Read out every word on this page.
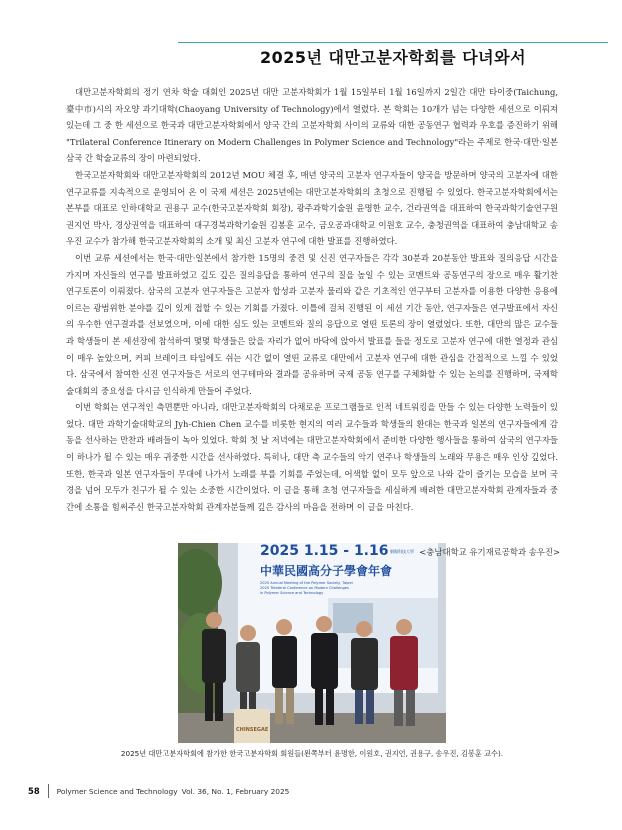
2025년 대만고분자학회를 다녀와서

대만고분자학회의 정기 연차 학술 대회인 2025년 대만 고분자학회가 1월 15일부터 1월 16일까지 2일간 대만 타이중(Taichung, 臺中市)시의 자오양 과기대학(Chaoyang University of Technology)에서 열렸다. 본 학회는 10개가 넘는 다양한 세션으로 이뤄져 있는데 그 중 한 세션으로 한국과 대만고분자학회에서 양국 간의 고분자학회 사이의 교류와 대한 공동연구 협력과 우호를 증진하기 위해 "Trilateral Conference Itinerary on Modern Challenges in Polymer Science and Technology"라는 주제로 한국·대만·일본 삼국 간 학술교류의 장이 마련되었다.

한국고분자학회와 대만고분자학회의 2012년 MOU 체결 후, 매년 양국의 고분자 연구자들이 양국을 방문하며 양국의 고분자에 대한 연구교류를 지속적으로 운영되어 온 이 국제 세션은 2025년에는 대만고분자학회의 초청으로 진행될 수 있었다. 한국고분자학회에서는 본부를 대표로 인하대학교 권용구 교수(한국고분자학회 회장), 광주과학기술원 윤명한 교수, 건라권역을 대표하여 한국과학기술연구원 권지언 박사, 경상권역을 대표하여 대구경북과학기술원 김봉훈 교수, 금오공과대학교 이원호 교수, 충청권역을 대표하여 충남대학교 송우진 교수가 참가해 한국고분자학회의 소개 및 최신 고분자 연구에 대한 발표를 진행하였다.

이번 교류 세션에서는 한국·대만·일본에서 참가한 15명의 중견 및 신진 연구자들은 각각 30분과 20분동안 발표와 질의응답 시간을 가지며 자신들의 연구를 발표하였고 깊도 깊은 질의응답을 통하여 연구의 질을 높일 수 있는 코멘트와 공동연구의 장으로 매우 활기찬 연구토론이 이뤄졌다. 삼국의 고분자 연구자들은 고분자 합성과 고분자 물리와 같은 기초적인 연구부터 고분자를 이용한 다양한 응용에 이르는 광범위한 분야를 깊이 있게 접할 수 있는 기회를 가졌다. 이틀에 걸쳐 진행된 이 세션 기간 동안, 연구자들은 연구발표에서 자신의 우수한 연구결과를 선보였으며, 이에 대한 심도 있는 코멘트와 질의 응답으로 열띤 토론의 장이 열렸었다. 또한, 대만의 많은 교수들과 학생들이 본 세션장에 참석하여 몇몇 학생들은 앉을 자리가 없어 바닥에 앉아서 발표를 들을 정도로 고분자 연구에 대한 열정과 관심이 매우 높았으며, 커피 브레이크 타임에도 쉬는 시간 없이 열띤 교류로 대만에서 고분자 연구에 대한 관심을 간접적으로 느낄 수 있었다. 삼국에서 참여한 신진 연구자들은 서로의 연구테마와 결과를 공유하며 국제 공동 연구를 구체화할 수 있는 논의를 진행하며, 국제학술대회의 중요성을 다시금 인식하게 만들어 주었다.

이번 학회는 연구적인 측면뿐만 아니라, 대만고분자학회의 다채로운 프로그램들로 인적 네트워킹을 만들 수 있는 다양한 노력들이 있었다. 대만 과학기술대학교의 Jyh-Chien Chen 교수를 비롯한 현지의 여러 교수들과 학생들의 환대는 한국과 일본의 연구자들에게 감동을 선사하는 만찬과 배려들이 녹아 있었다. 학회 첫 날 저녁에는 대만고분자학회에서 준비한 다양한 행사들을 통하여 삼국의 연구자들이 하나가 될 수 있는 매우 귀중한 시간을 선사하였다. 특히나, 대만 측 교수들의 악기 연주나 학생들의 노래와 무용은 매우 인상 깊었다. 또한, 한국과 일본 연구자들이 무대에 나가서 노래를 부를 기회를 주었는데, 어색할 없이 모두 앞으로 나와 같이 즐기는 모습을 보며 국경을 넘어 모두가 친구가 될 수 있는 소중한 시간이었다. 이 글을 통해 초청 연구자들을 세심하게 배려한 대만고분자학회 관계자들과 중간에 소통을 힘써주신 한국고분자학회 관계자분들께 깊은 감사의 마음을 전하며 이 글을 마친다.

2025 1.15 - 1.16 朝陽科技大學
中華民國高分子學會年會
2025 Annual Meeting of the Polymer Society, Taipei
2025 Trilateral Conference on Modern Challenges
in Polymer Science and Technology
CHINSEGAE
<충남대학교 유기재료공학과 송우진>
2025년 대만고분자학회에 참가한 한국고분자학회 회원들(왼쪽부터 윤명한, 이원호, 권지언, 권용구, 송우진, 김봉훈 교수).
58 Polymer Science and Technology Vol. 36, No. 1, February 2025
